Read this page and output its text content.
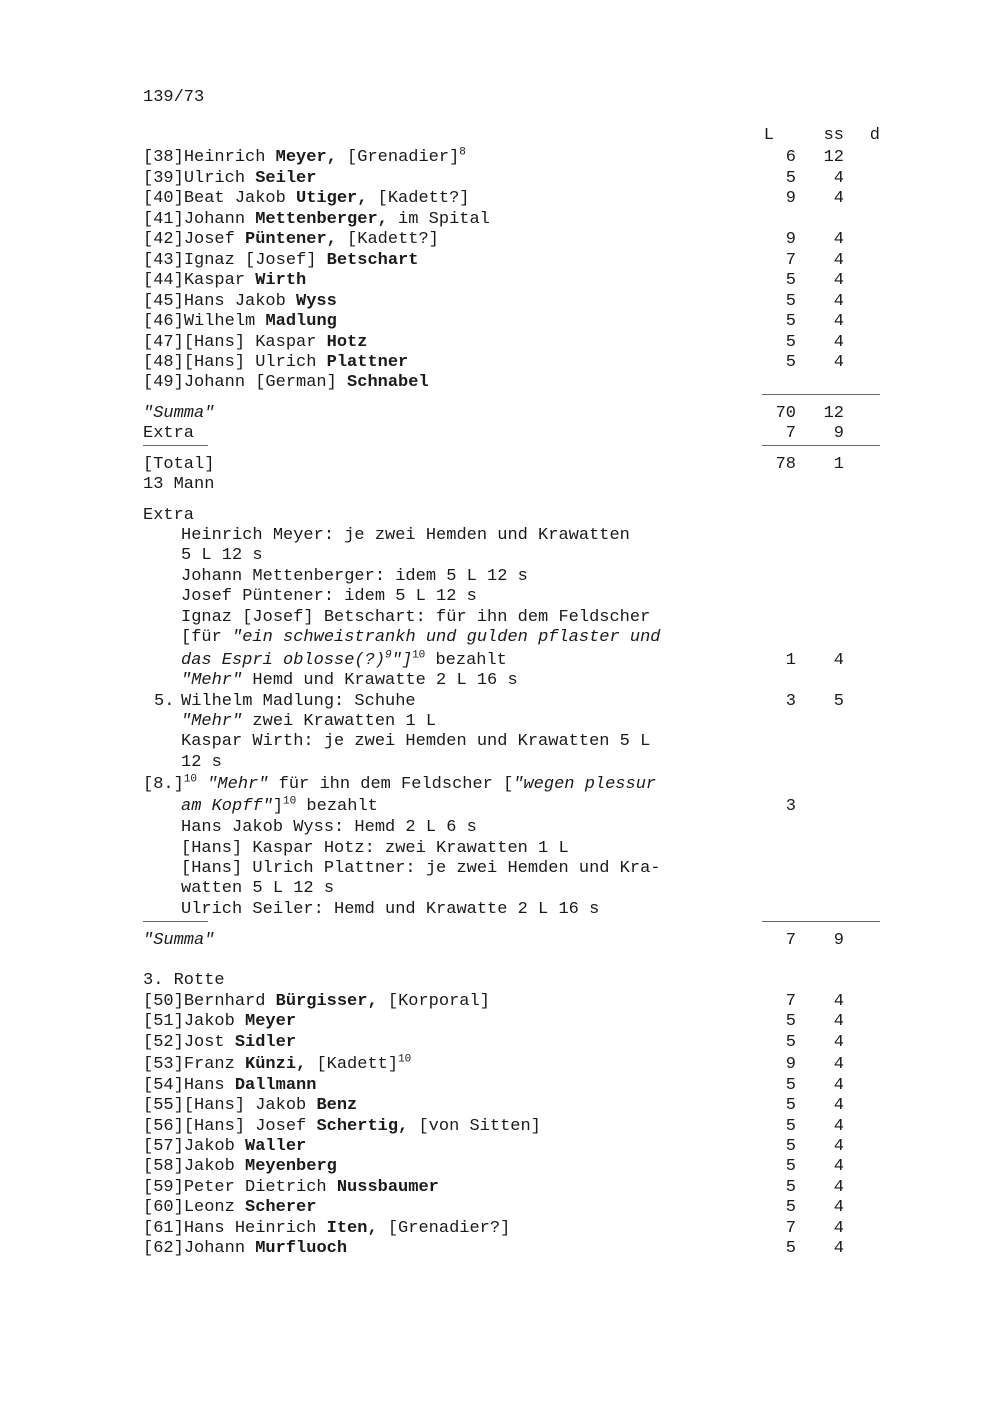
139/73
L	ss	d
[38]Heinrich Meyer, [Grenadier]$^8$	6	12
[39]Ulrich Seiler	5	4
[40]Beat Jakob Utiger, [Kadett?]	9	4
[41]Johann Mettenberger, im Spital
[42]Josef Püntener, [Kadett?]	9	4
[43]Ignaz [Josef] Betschart	7	4
[44]Kaspar Wirth	5	4
[45]Hans Jakob Wyss	5	4
[46]Wilhelm Madlung	5	4
[47][Hans] Kaspar Hotz	5	4
[48][Hans] Ulrich Plattner	5	4
[49]Johann [German] Schnabel
"Summa"	70	12
Extra	7	9
[Total]	78	1
13 Mann
Extra
Heinrich Meyer: je zwei Hemden und Krawatten
5 L 12 s
Johann Mettenberger: idem 5 L 12 s
Josef Püntener: idem 5 L 12 s
Ignaz [Josef] Betschart: für ihn dem Feldscher
[für "ein schweistrankh und gulden pflaster und
das Espri oblosse(?)$^9$"]$^{10}$ bezahlt	1	4
"Mehr" Hemd und Krawatte 2 L 16 s
5. Wilhelm Madlung: Schuhe	3	5
"Mehr" zwei Krawatten 1 L
Kaspar Wirth: je zwei Hemden und Krawatten 5 L
12 s
$[8.]^{10}$ "Mehr" für ihn dem Feldscher ["wegen plessur
am Kopff"]$^{10}$ bezahlt	3
Hans Jakob Wyss: Hemd 2 L 6 s
[Hans] Kaspar Hotz: zwei Krawatten 1 L
[Hans] Ulrich Plattner: je zwei Hemden und Kra-
watten 5 L 12 s
Ulrich Seiler: Hemd und Krawatte 2 L 16 s
"Summa"	7	9
3. Rotte
[50]Bernhard Bürgisser, [Korporal]	7	4
[51]Jakob Meyer	5	4
[52]Jost Sidler	5	4
[53]Franz Künzi, $[Kadett]^{10}$	9	4
[54]Hans Dallmann	5	4
[55][Hans] Jakob Benz	5	4
[56][Hans] Josef Schertig, [von Sitten]	5	4
[57]Jakob Waller	5	4
[58]Jakob Meyenberg	5	4
[59]Peter Dietrich Nussbaumer	5	4
[60]Leonz Scherer	5	4
[61]Hans Heinrich Iten, [Grenadier?]	7	4
[62]Johann Murfluoch	5	4
